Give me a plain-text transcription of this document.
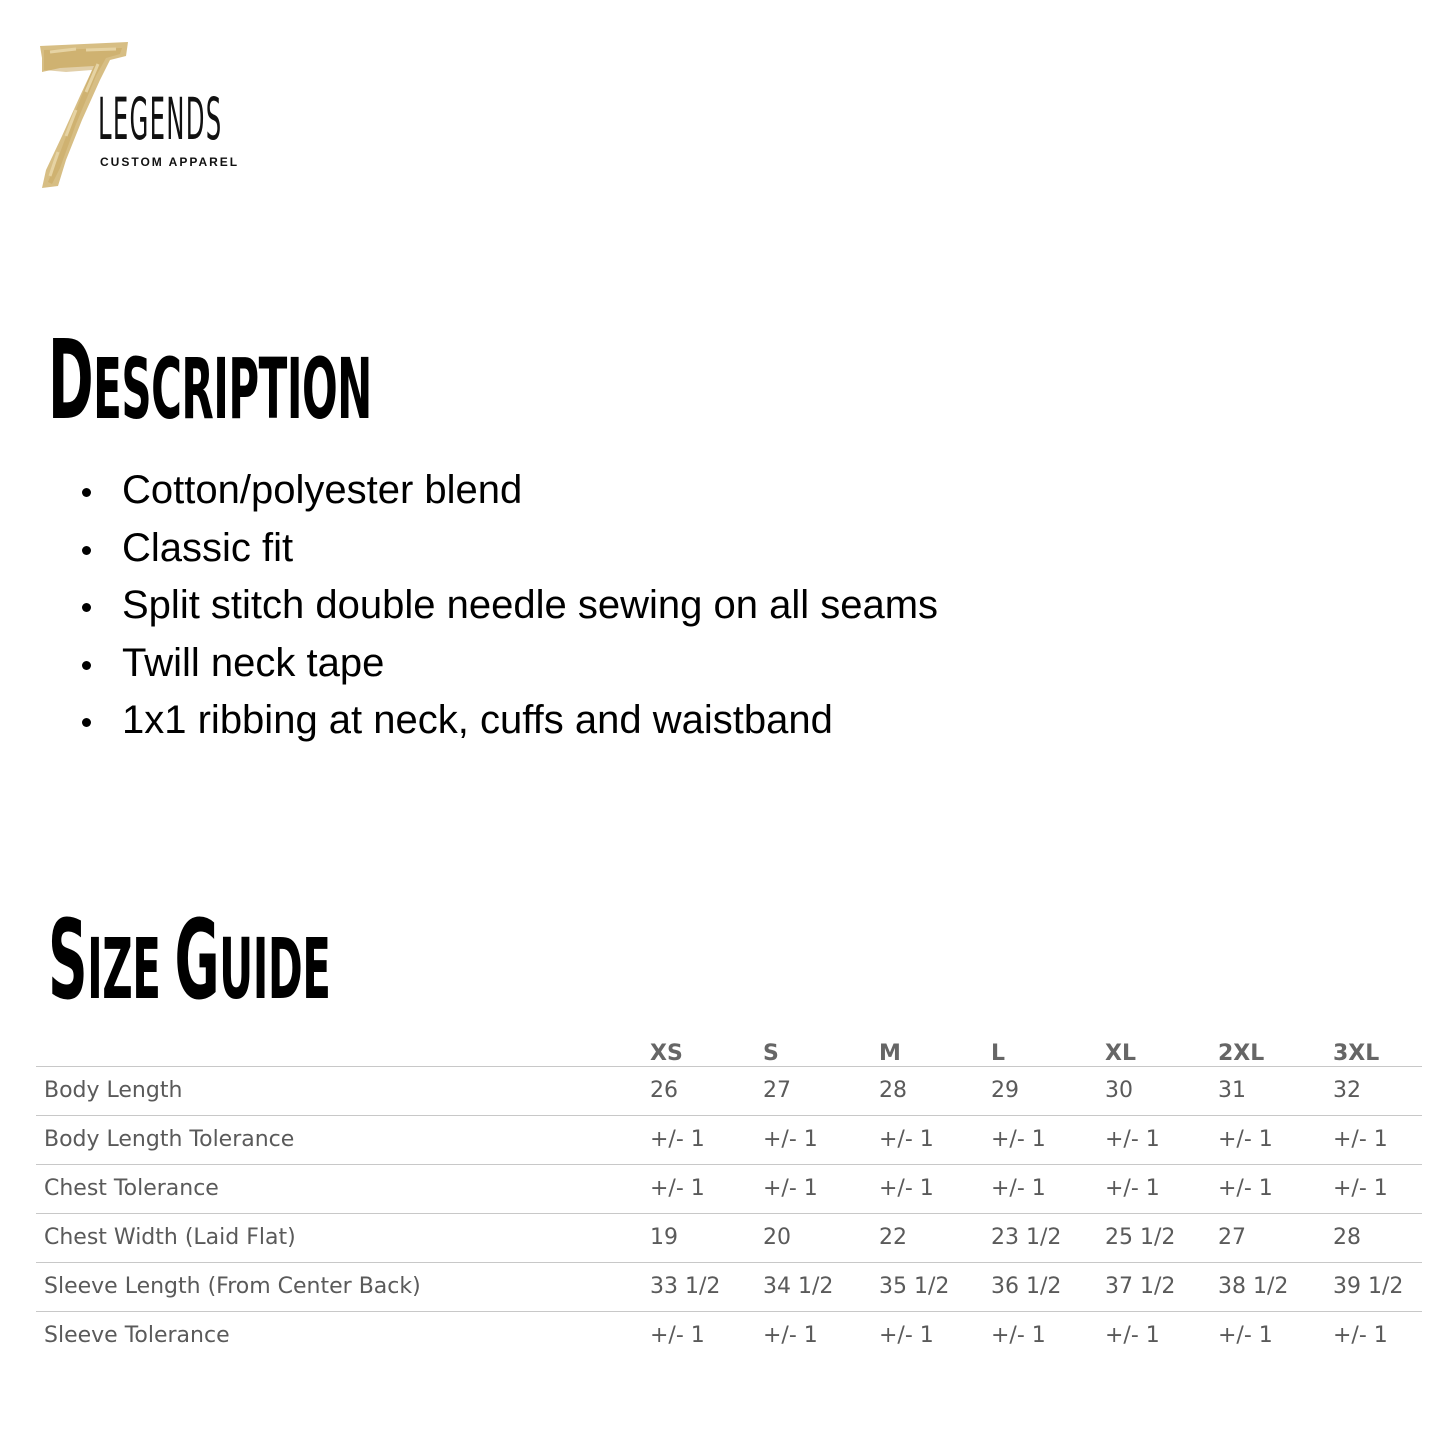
LEGENDS
CUSTOM APPAREL
DESCRIPTION
Cotton/polyester blend
Classic fit
Split stitch double needle sewing on all seams
Twill neck tape
1x1 ribbing at neck, cuffs and waistband
SIZE GUIDE
	XS	S	M	L	XL	2XL	3XL
Body Length	26	27	28	29	30	31	32
Body Length Tolerance	+/- 1	+/- 1	+/- 1	+/- 1	+/- 1	+/- 1	+/- 1
Chest Tolerance	+/- 1	+/- 1	+/- 1	+/- 1	+/- 1	+/- 1	+/- 1
Chest Width (Laid Flat)	19	20	22	23 1/2	25 1/2	27	28
Sleeve Length (From Center Back)	33 1/2	34 1/2	35 1/2	36 1/2	37 1/2	38 1/2	39 1/2
Sleeve Tolerance	+/- 1	+/- 1	+/- 1	+/- 1	+/- 1	+/- 1	+/- 1
